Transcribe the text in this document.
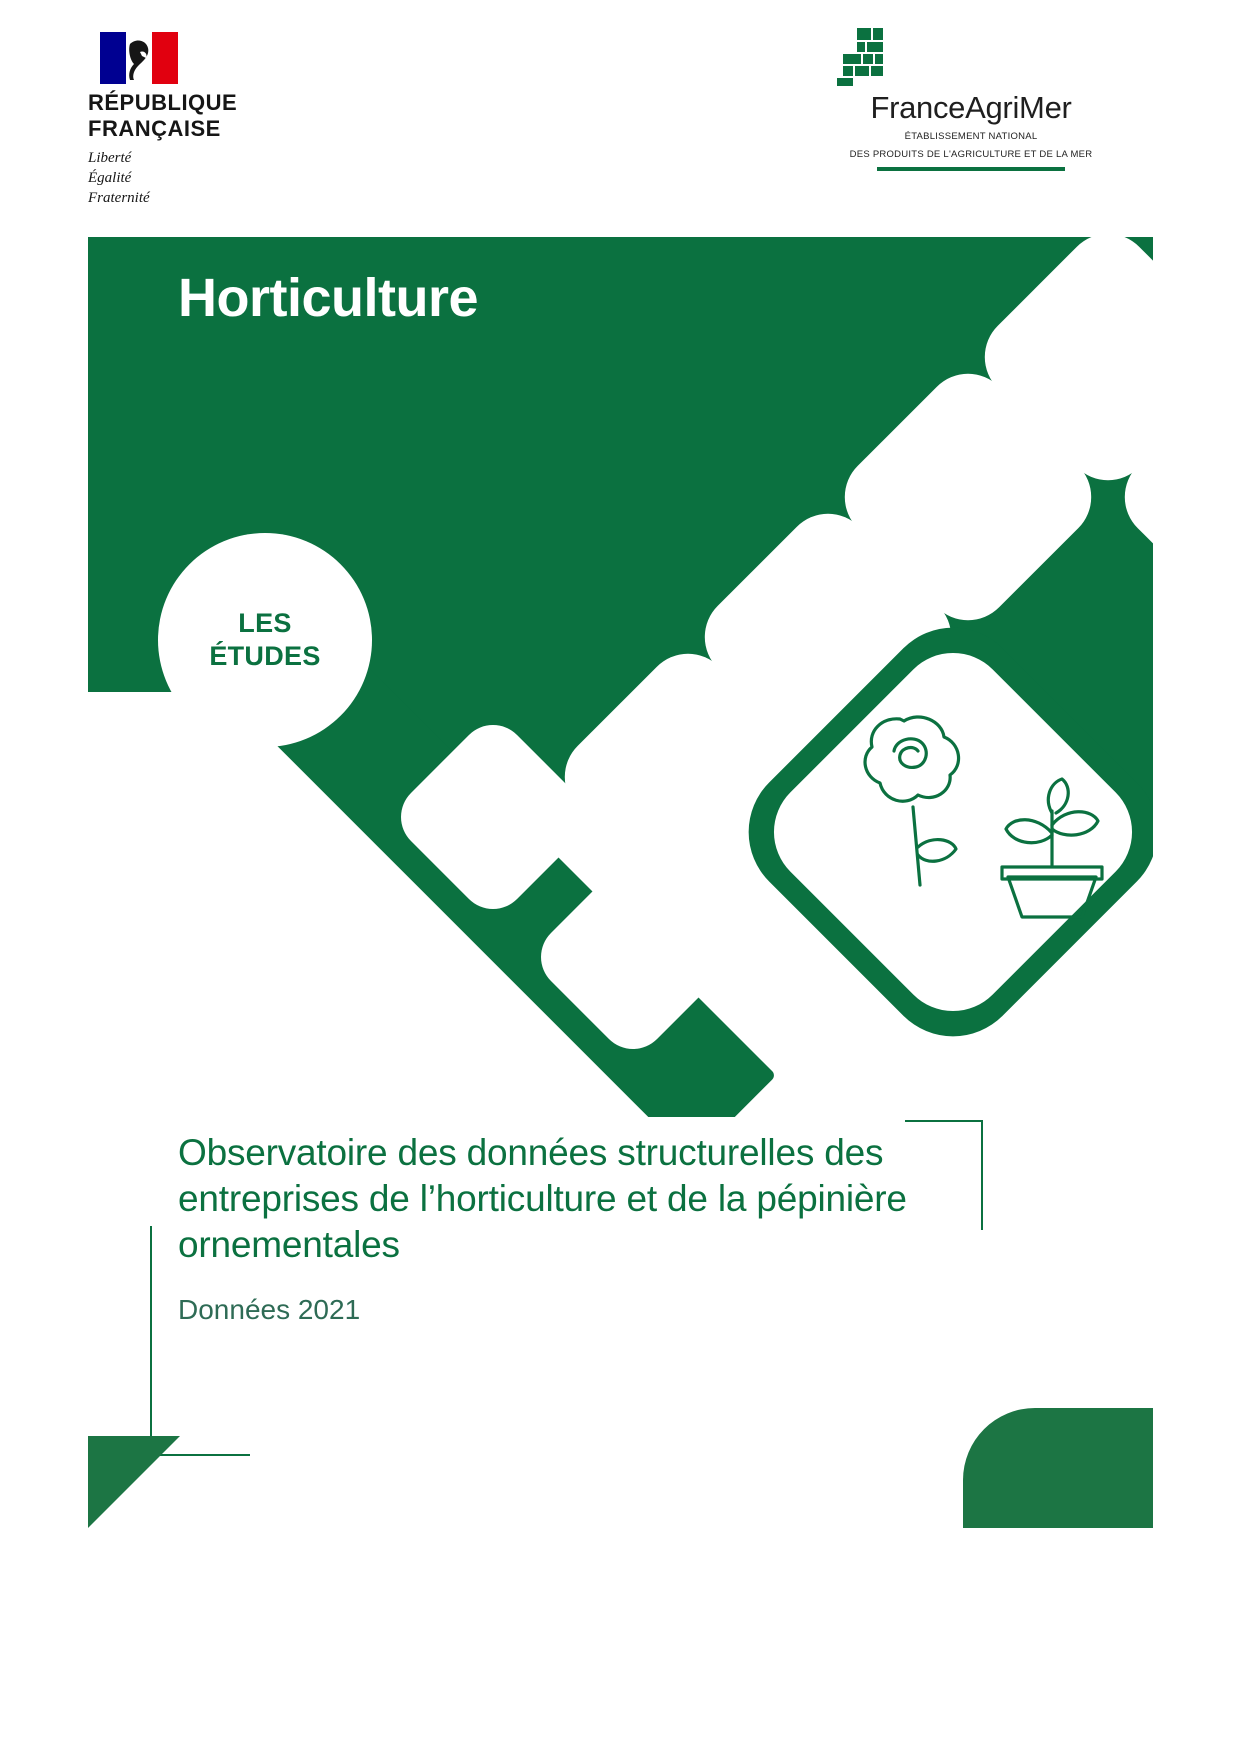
RÉPUBLIQUE
FRANÇAISE
Liberté
Égalité
Fraternité
FranceAgriMer
ÉTABLISSEMENT NATIONAL
DES PRODUITS DE L'AGRICULTURE ET DE LA MER
Horticulture
LES
ÉTUDES
Observatoire des données structurelles des entreprises de l’horticulture et de la pépinière ornementales
Données 2021
